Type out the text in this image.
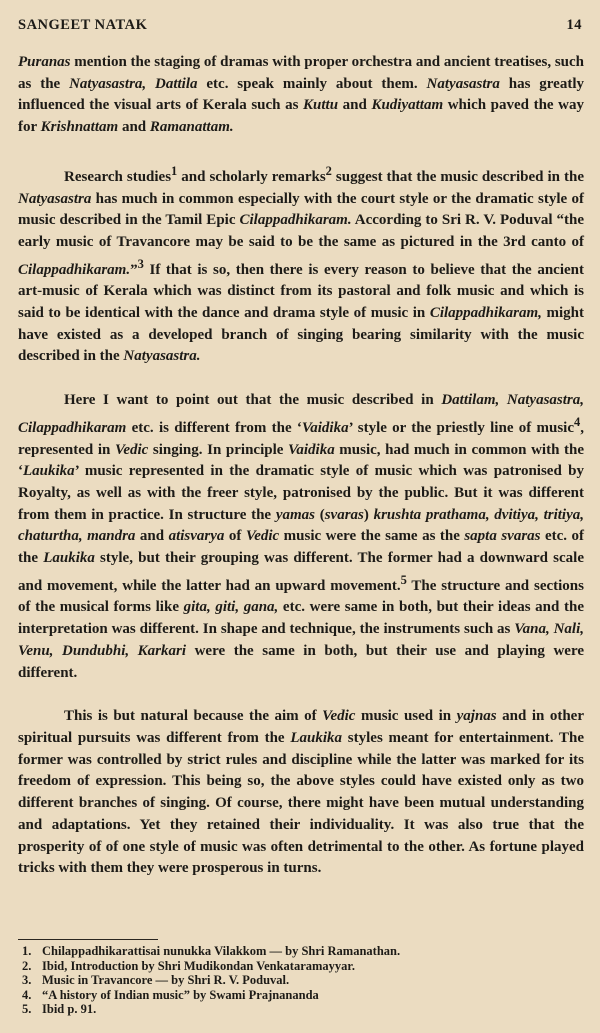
SANGEET NATAK	14

Puranas mention the staging of dramas with proper orchestra and ancient treatises, such as the Natyasastra, Dattila etc. speak mainly about them. Natyasastra has greatly influenced the visual arts of Kerala such as Kuttu and Kudiyattam which paved the way for Krishnattam and Ramanattam.

Research studies$^1$ and scholarly remarks$^2$ suggest that the music described in the Natyasastra has much in common especially with the court style or the dramatic style of music described in the Tamil Epic Cilappadhikaram. According to Sri R. V. Poduval “the early music of Travancore may be said to be the same as pictured in the 3rd canto of Cilappadhikaram.”$^3$ If that is so, then there is every reason to believe that the ancient art-music of Kerala which was distinct from its pastoral and folk music and which is said to be identical with the dance and drama style of music in Cilappadhikaram, might have existed as a developed branch of singing bearing similarity with the music described in the Natyasastra.

Here I want to point out that the music described in Dattilam, Natyasastra, Cilappadhikaram etc. is different from the ‘Vaidika’ style or the priestly line of music$^4$, represented in Vedic singing. In principle Vaidika music, had much in common with the ‘Laukika’ music represented in the dramatic style of music which was patronised by Royalty, as well as with the freer style, patronised by the public. But it was different from them in practice. In structure the yamas (svaras) krushta prathama, dvitiya, tritiya, chaturtha, mandra and atisvarya of Vedic music were the same as the sapta svaras etc. of the Laukika style, but their grouping was different. The former had a downward scale and movement, while the latter had an upward movement.$^5$ The structure and sections of the musical forms like gita, giti, gana, etc. were same in both, but their ideas and the interpretation was different. In shape and technique, the instruments such as Vana, Nali, Venu, Dundubhi, Karkari were the same in both, but their use and playing were different.

This is but natural because the aim of Vedic music used in yajnas and in other spiritual pursuits was different from the Laukika styles meant for entertainment. The former was controlled by strict rules and discipline while the latter was marked for its freedom of expression. This being so, the above styles could have existed only as two different branches of singing. Of course, there might have been mutual understanding and adaptations. Yet they retained their individuality. It was also true that the prosperity of of one style of music was often detrimental to the other. As fortune played tricks with them they were prosperous in turns.

1. Chilappadhikarattisai nunukka Vilakkom — by Shri Ramanathan.
2. Ibid, Introduction by Shri Mudikondan Venkataramayyar.
3. Music in Travancore — by Shri R. V. Poduval.
4. “A history of Indian music” by Swami Prajnananda
5. Ibid p. 91.
